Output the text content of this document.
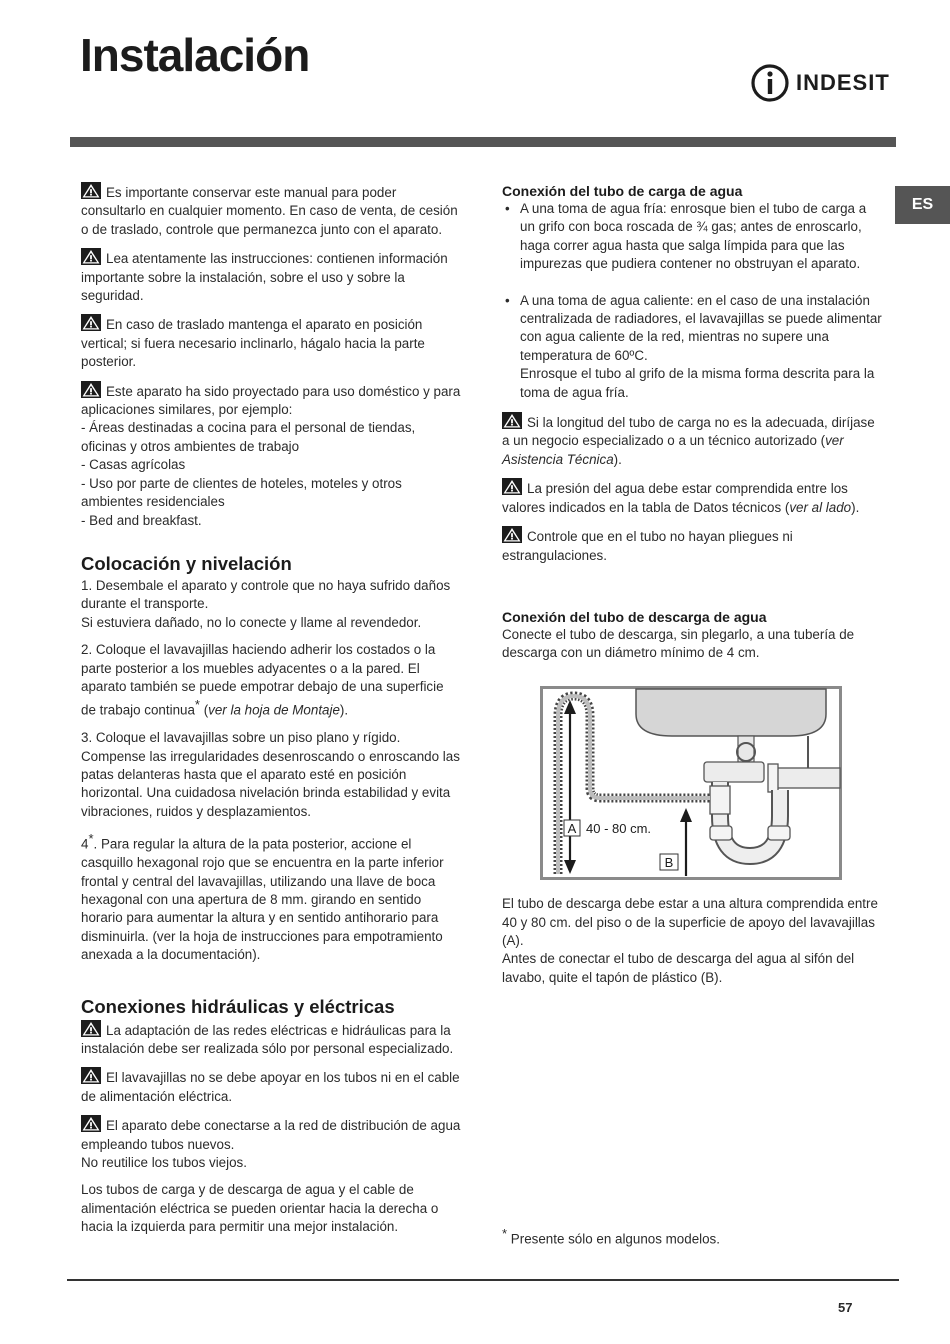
Instalación
INDESIT
ES

Es importante conservar este manual para poder consultarlo en cualquier momento. En caso de venta, de cesión o de traslado, controle que permanezca junto con el aparato.

Lea atentamente las instrucciones: contienen información importante sobre la instalación, sobre el uso y sobre la seguridad.

En caso de traslado mantenga el aparato en posición vertical; si fuera necesario inclinarlo, hágalo hacia la parte posterior.

Este aparato ha sido proyectado para uso doméstico y para aplicaciones similares, por ejemplo:
- Áreas destinadas a cocina para el personal de tiendas, oficinas y otros ambientes de trabajo
- Casas agrícolas
- Uso por parte de clientes de hoteles, moteles y otros ambientes residenciales
- Bed and breakfast.

Colocación y nivelación

1. Desembale el aparato y controle que no haya sufrido daños durante el transporte.
Si estuviera dañado, no lo conecte y llame al revendedor.

2. Coloque el lavavajillas haciendo adherir los costados o la parte posterior a los muebles adyacentes o a la pared. El aparato también se puede empotrar debajo de una superficie de trabajo continua* (ver la hoja de Montaje).

3. Coloque el lavavajillas sobre un piso plano y rígido. Compense las irregularidades desenroscando o enroscando las patas delanteras hasta que el aparato esté en posición horizontal. Una cuidadosa nivelación brinda estabilidad y evita vibraciones, ruidos y desplazamientos.

4*. Para regular la altura de la pata posterior, accione el casquillo hexagonal rojo que se encuentra en la parte inferior frontal y central del lavavajillas, utilizando una llave de boca hexagonal con una apertura de 8 mm. girando en sentido horario para aumentar la altura y en sentido antihorario para disminuirla. (ver la hoja de instrucciones para empotramiento anexada a la documentación).

Conexiones hidráulicas y eléctricas

La adaptación de las redes eléctricas e hidráulicas para la instalación debe ser realizada sólo por personal especializado.

El lavavajillas no se debe apoyar en los tubos ni en el cable de alimentación eléctrica.

El aparato debe conectarse a la red de distribución de agua empleando tubos nuevos.
No reutilice los tubos viejos.

Los tubos de carga y de descarga de agua y el cable de alimentación eléctrica se pueden orientar hacia la derecha o hacia la izquierda para permitir una mejor instalación.

Conexión del tubo de carga de agua
• A una toma de agua fría: enrosque bien el tubo de carga a un grifo con boca roscada de ¾ gas; antes de enroscarlo, haga correr agua hasta que salga límpida para que las impurezas que pudiera contener no obstruyan el aparato.
• A una toma de agua caliente: en el caso de una instalación centralizada de radiadores, el lavavajillas se puede alimentar con agua caliente de la red, mientras no supere una temperatura de 60ºC.
Enrosque el tubo al grifo de la misma forma descrita para la toma de agua fría.

Si la longitud del tubo de carga no es la adecuada, diríjase a un negocio especializado o a un técnico autorizado (ver Asistencia Técnica).

La presión del agua debe estar comprendida entre los valores indicados en la tabla de Datos técnicos (ver al lado).

Controle que en el tubo no hayan pliegues ni estrangulaciones.

Conexión del tubo de descarga de agua

Conecte el tubo de descarga, sin plegarlo, a una tubería de descarga con un diámetro mínimo de 4 cm.

A 40 - 80 cm.
B

El tubo de descarga debe estar a una altura comprendida entre 40 y 80 cm. del piso o de la superficie de apoyo del lavavajillas (A).
Antes de conectar el tubo de descarga del agua al sifón del lavabo, quite el tapón de plástico (B).

* Presente sólo en algunos modelos.
57
